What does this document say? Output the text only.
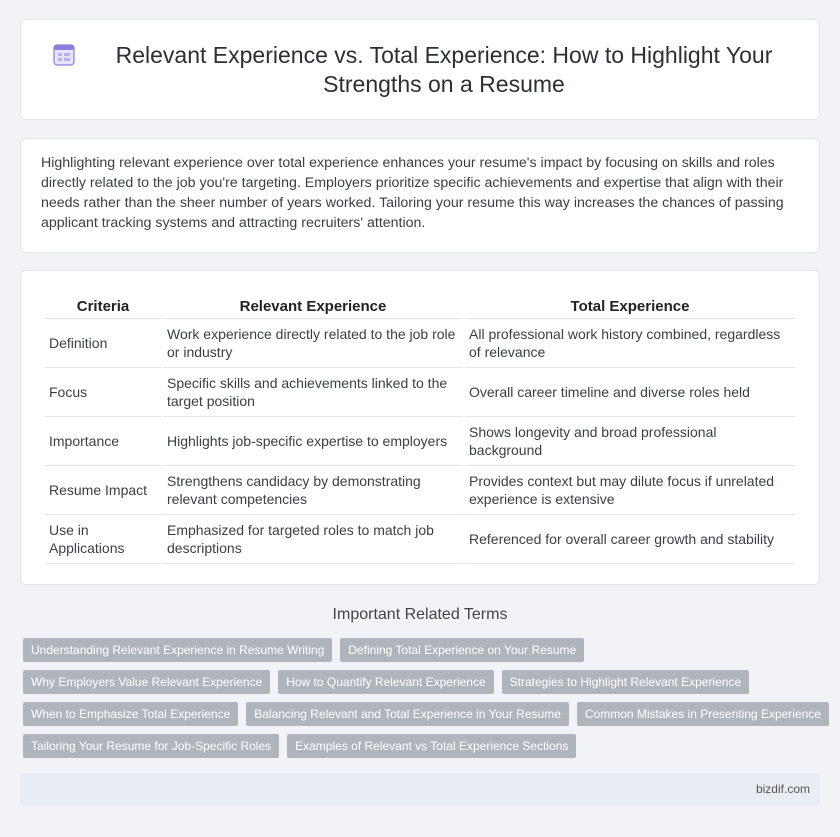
Relevant Experience vs. Total Experience: How to Highlight Your Strengths on a Resume

Highlighting relevant experience over total experience enhances your resume's impact by focusing on skills and roles directly related to the job you're targeting. Employers prioritize specific achievements and expertise that align with their needs rather than the sheer number of years worked. Tailoring your resume this way increases the chances of passing applicant tracking systems and attracting recruiters' attention.

Criteria	Relevant Experience	Total Experience
Definition	Work experience directly related to the job role or industry	All professional work history combined, regardless of relevance
Focus	Specific skills and achievements linked to the target position	Overall career timeline and diverse roles held
Importance	Highlights job-specific expertise to employers	Shows longevity and broad professional background
Resume Impact	Strengthens candidacy by demonstrating relevant competencies	Provides context but may dilute focus if unrelated experience is extensive
Use in Applications	Emphasized for targeted roles to match job descriptions	Referenced for overall career growth and stability
Important Related Terms
Understanding Relevant Experience in Resume Writing	Defining Total Experience on Your Resume
Why Employers Value Relevant Experience	How to Quantify Relevant Experience	Strategies to Highlight Relevant Experience
When to Emphasize Total Experience	Balancing Relevant and Total Experience in Your Resume	Common Mistakes in Presenting Experience
Tailoring Your Resume for Job-Specific Roles	Examples of Relevant vs Total Experience Sections
bizdif.com
